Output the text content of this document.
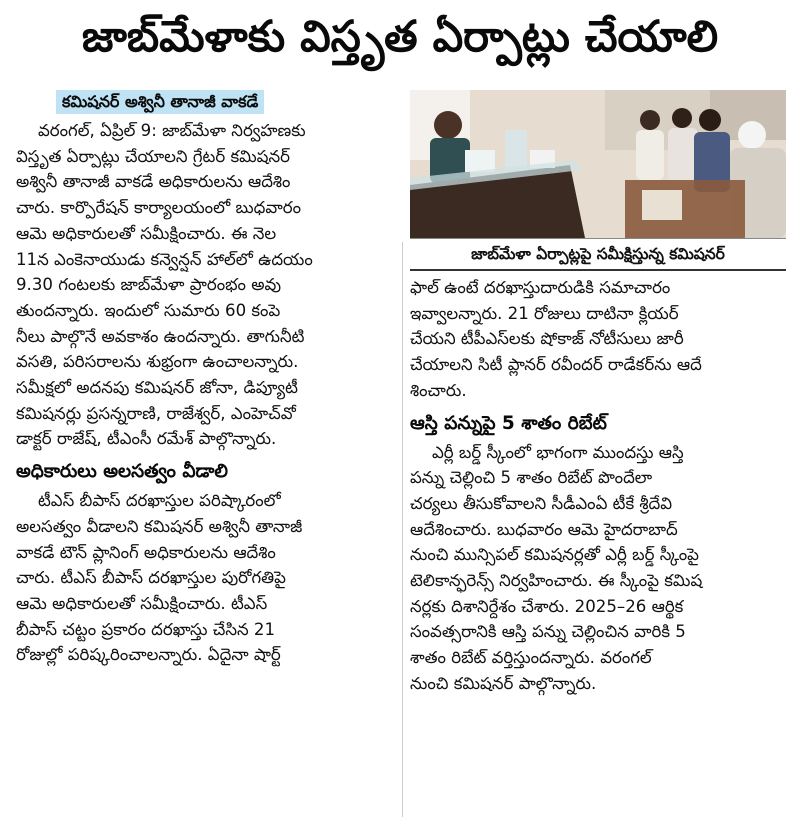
జాబ్‌మేళాకు విస్తృత ఏర్పాట్లు చేయాలి
కమిషనర్ అశ్వినీ తానాజీ వాకడే
వరంగల్, ఏప్రిల్ 9: జాబ్‌మేళా నిర్వహణకు
విస్తృత ఏర్పాట్లు చేయాలని గ్రేటర్ కమిషనర్
అశ్వినీ తానాజీ వాకడే అధికారులను ఆదేశిం
చారు. కార్పొరేషన్ కార్యాలయంలో బుధవారం
ఆమె అధికారులతో సమీక్షించారు. ఈ నెల
11న ఎంకెనాయుడు కన్వెన్షన్ హాల్‌లో ఉదయం
9.30 గంటలకు జాబ్‌మేళా ప్రారంభం అవు
తుందన్నారు. ఇందులో సుమారు 60 కంపె
నీలు పాల్గొనే అవకాశం ఉందన్నారు. తాగునీటి
వసతి, పరిసరాలను శుభ్రంగా ఉంచాలన్నారు.
సమీక్షలో అదనపు కమిషనర్ జోనా, డిప్యూటీ
కమిషనర్లు ప్రసన్నరాణి, రాజేశ్వర్, ఎంహెచ్‌వో
డాక్టర్ రాజేష్, టీఎంసీ రమేశ్ పాల్గొన్నారు.
అధికారులు అలసత్వం వీడాలి
టీఎస్ బీపాస్ దరఖాస్తుల పరిష్కారంలో
అలసత్వం వీడాలని కమిషనర్ అశ్వినీ తానాజీ
వాకడే టౌన్ ప్లానింగ్ అధికారులను ఆదేశిం
చారు. టీఎస్ బీపాస్ దరఖాస్తుల పురోగతిపై
ఆమె అధికారులతో సమీక్షించారు. టీఎస్
బీపాస్ చట్టం ప్రకారం దరఖాస్తు చేసిన 21
రోజుల్లో పరిష్కరించాలన్నారు. ఏదైనా షార్ట్
జాబ్‌మేళా ఏర్పాట్లపై సమీక్షిస్తున్న కమిషనర్
ఫాల్ ఉంటే దరఖాస్తుదారుడికి సమాచారం
ఇవ్వాలన్నారు. 21 రోజులు దాటినా క్లియర్
చేయని టీపీఎస్‌లకు షోకాజ్ నోటీసులు జారీ
చేయాలని సిటీ ప్లానర్ రవీందర్ రాడేకర్‌ను ఆదే
శించారు.
ఆస్తి పన్నుపై 5 శాతం రిబేట్
ఎర్లీ బర్డ్ స్కీంలో భాగంగా ముందస్తు ఆస్తి
పన్ను చెల్లించి 5 శాతం రిబేట్ పొందేలా
చర్యలు తీసుకోవాలని సీడీఎంఏ టీకే శ్రీదేవి
ఆదేశించారు. బుధవారం ఆమె హైదరాబాద్
నుంచి మున్సిపల్ కమిషనర్లతో ఎర్లీ బర్డ్ స్కీంపై
టెలికాన్ఫరెన్స్ నిర్వహించారు. ఈ స్కీంపై కమిష
నర్లకు దిశానిర్దేశం చేశారు. 2025–26 ఆర్థిక
సంవత్సరానికి ఆస్తి పన్ను చెల్లించిన వారికి 5
శాతం రిబేట్ వర్తిస్తుందన్నారు. వరంగల్
నుంచి కమిషనర్ పాల్గొన్నారు.
